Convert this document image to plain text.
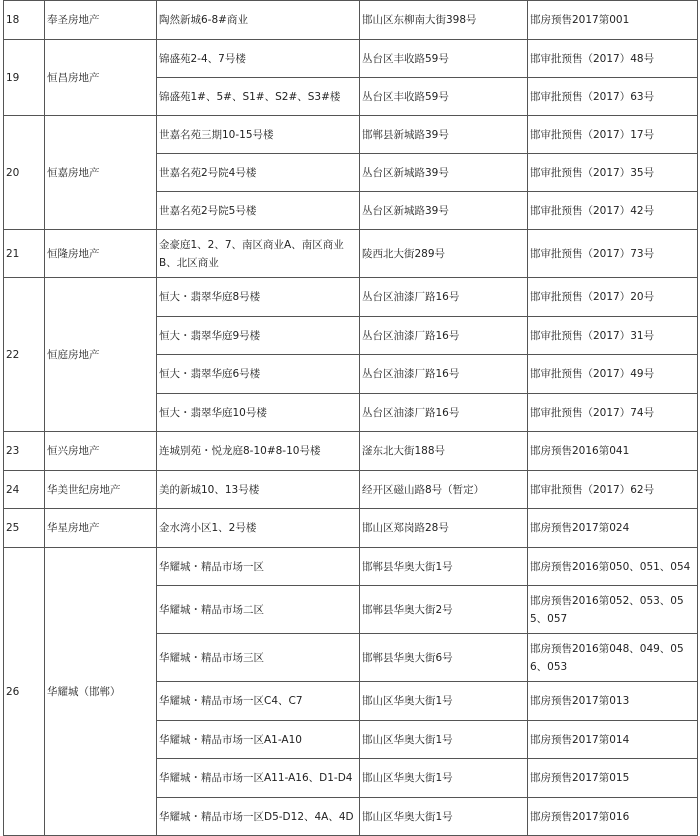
18	奉圣房地产	陶然新城6-8#商业	邯山区东柳南大街398号	邯房预售2017第001
19	恒昌房地产	锦盛苑2-4、7号楼	丛台区丰收路59号	邯审批预售（2017）48号
		锦盛苑1#、5#、S1#、S2#、S3#楼	丛台区丰收路59号	邯审批预售（2017）63号
20	恒嘉房地产	世嘉名苑三期10-15号楼	邯郸县新城路39号	邯审批预售（2017）17号
		世嘉名苑2号院4号楼	丛台区新城路39号	邯审批预售（2017）35号
		世嘉名苑2号院5号楼	丛台区新城路39号	邯审批预售（2017）42号
21	恒隆房地产	金豪庭1、2、7、南区商业A、南区商业B、北区商业	陵西北大街289号	邯审批预售（2017）73号
22	恒庭房地产	恒大・翡翠华庭8号楼	丛台区油漆厂路16号	邯审批预售（2017）20号
		恒大・翡翠华庭9号楼	丛台区油漆厂路16号	邯审批预售（2017）31号
		恒大・翡翠华庭6号楼	丛台区油漆厂路16号	邯审批预售（2017）49号
		恒大・翡翠华庭10号楼	丛台区油漆厂路16号	邯审批预售（2017）74号
23	恒兴房地产	连城别苑・悦龙庭8-10#8-10号楼	滏东北大街188号	邯房预售2016第041
24	华美世纪房地产	美的新城10、13号楼	经开区磁山路8号（暂定）	邯审批预售（2017）62号
25	华星房地产	金水湾小区1、2号楼	邯山区郑岗路28号	邯房预售2017第024
26	华耀城（邯郸）	华耀城・精品市场一区	邯郸县华奥大街1号	邯房预售2016第050、051、054
		华耀城・精品市场二区	邯郸县华奥大街2号	邯房预售2016第052、053、055、057
		华耀城・精品市场三区	邯郸县华奥大街6号	邯房预售2016第048、049、056、053
		华耀城・精品市场一区C4、C7	邯山区华奥大街1号	邯房预售2017第013
		华耀城・精品市场一区A1-A10	邯山区华奥大街1号	邯房预售2017第014
		华耀城・精品市场一区A11-A16、D1-D4	邯山区华奥大街1号	邯房预售2017第015
		华耀城・精品市场一区D5-D12、4A、4D	邯山区华奥大街1号	邯房预售2017第016
